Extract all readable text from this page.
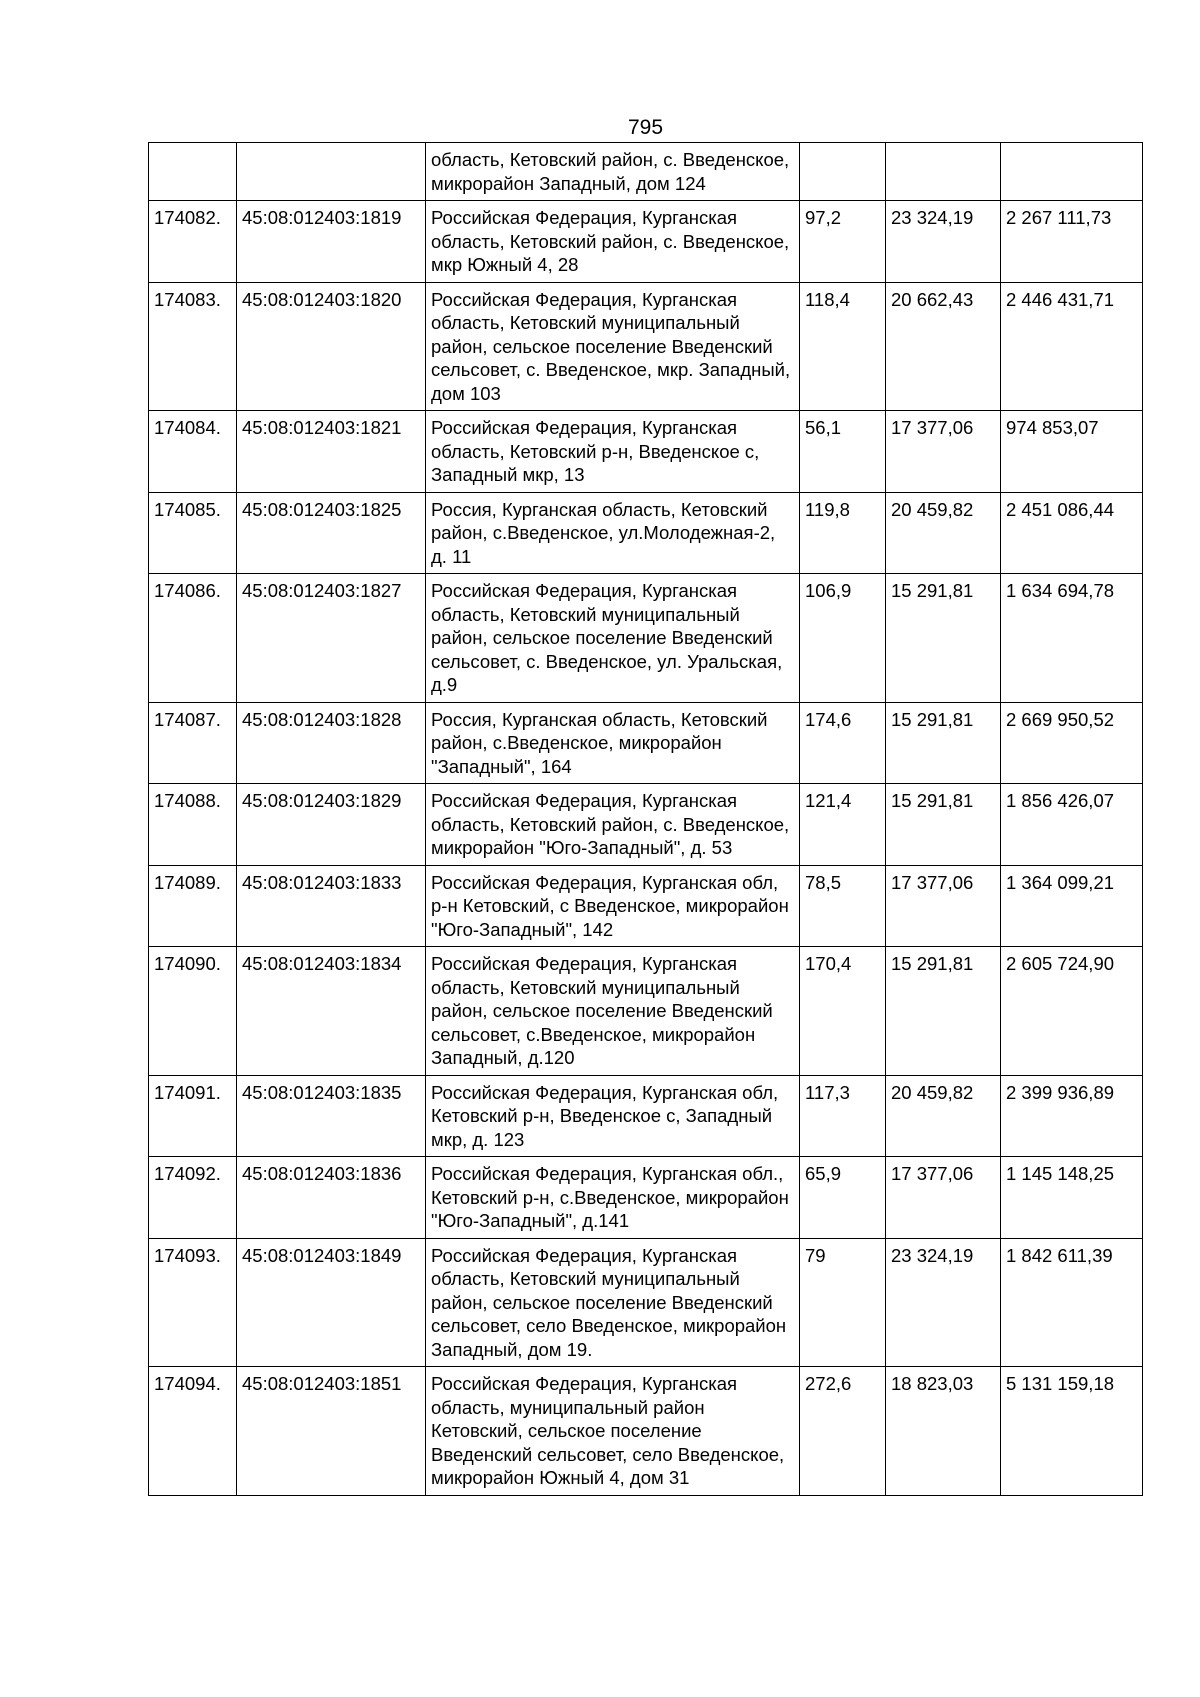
795
		область, Кетовский район, с. Введенское, микрорайон Западный, дом 124			
174082.	45:08:012403:1819	Российская Федерация, Курганская область, Кетовский район, с. Введенское, мкр Южный 4, 28	97,2	23 324,19	2 267 111,73
174083.	45:08:012403:1820	Российская Федерация, Курганская область, Кетовский муниципальный район, сельское поселение Введенский сельсовет, с. Введенское, мкр. Западный, дом 103	118,4	20 662,43	2 446 431,71
174084.	45:08:012403:1821	Российская Федерация, Курганская область, Кетовский р-н, Введенское с, Западный мкр, 13	56,1	17 377,06	974 853,07
174085.	45:08:012403:1825	Россия, Курганская область, Кетовский район, с.Введенское, ул.Молодежная-2, д. 11	119,8	20 459,82	2 451 086,44
174086.	45:08:012403:1827	Российская Федерация, Курганская область, Кетовский муниципальный район, сельское поселение Введенский сельсовет, с. Введенское, ул. Уральская, д.9	106,9	15 291,81	1 634 694,78
174087.	45:08:012403:1828	Россия, Курганская область, Кетовский район, с.Введенское, микрорайон "Западный", 164	174,6	15 291,81	2 669 950,52
174088.	45:08:012403:1829	Российская Федерация, Курганская область, Кетовский район, с. Введенское, микрорайон "Юго-Западный", д. 53	121,4	15 291,81	1 856 426,07
174089.	45:08:012403:1833	Российская Федерация, Курганская обл, р-н Кетовский, с Введенское, микрорайон "Юго-Западный", 142	78,5	17 377,06	1 364 099,21
174090.	45:08:012403:1834	Российская Федерация, Курганская область, Кетовский муниципальный район, сельское поселение Введенский сельсовет, с.Введенское, микрорайон Западный, д.120	170,4	15 291,81	2 605 724,90
174091.	45:08:012403:1835	Российская Федерация, Курганская обл, Кетовский р-н, Введенское с, Западный мкр, д. 123	117,3	20 459,82	2 399 936,89
174092.	45:08:012403:1836	Российская Федерация, Курганская обл., Кетовский р-н, с.Введенское, микрорайон "Юго-Западный", д.141	65,9	17 377,06	1 145 148,25
174093.	45:08:012403:1849	Российская Федерация, Курганская область, Кетовский муниципальный район, сельское поселение Введенский сельсовет, село Введенское, микрорайон Западный, дом 19.	79	23 324,19	1 842 611,39
174094.	45:08:012403:1851	Российская Федерация, Курганская область, муниципальный район Кетовский, сельское поселение Введенский сельсовет, село Введенское, микрорайон Южный 4, дом 31	272,6	18 823,03	5 131 159,18
